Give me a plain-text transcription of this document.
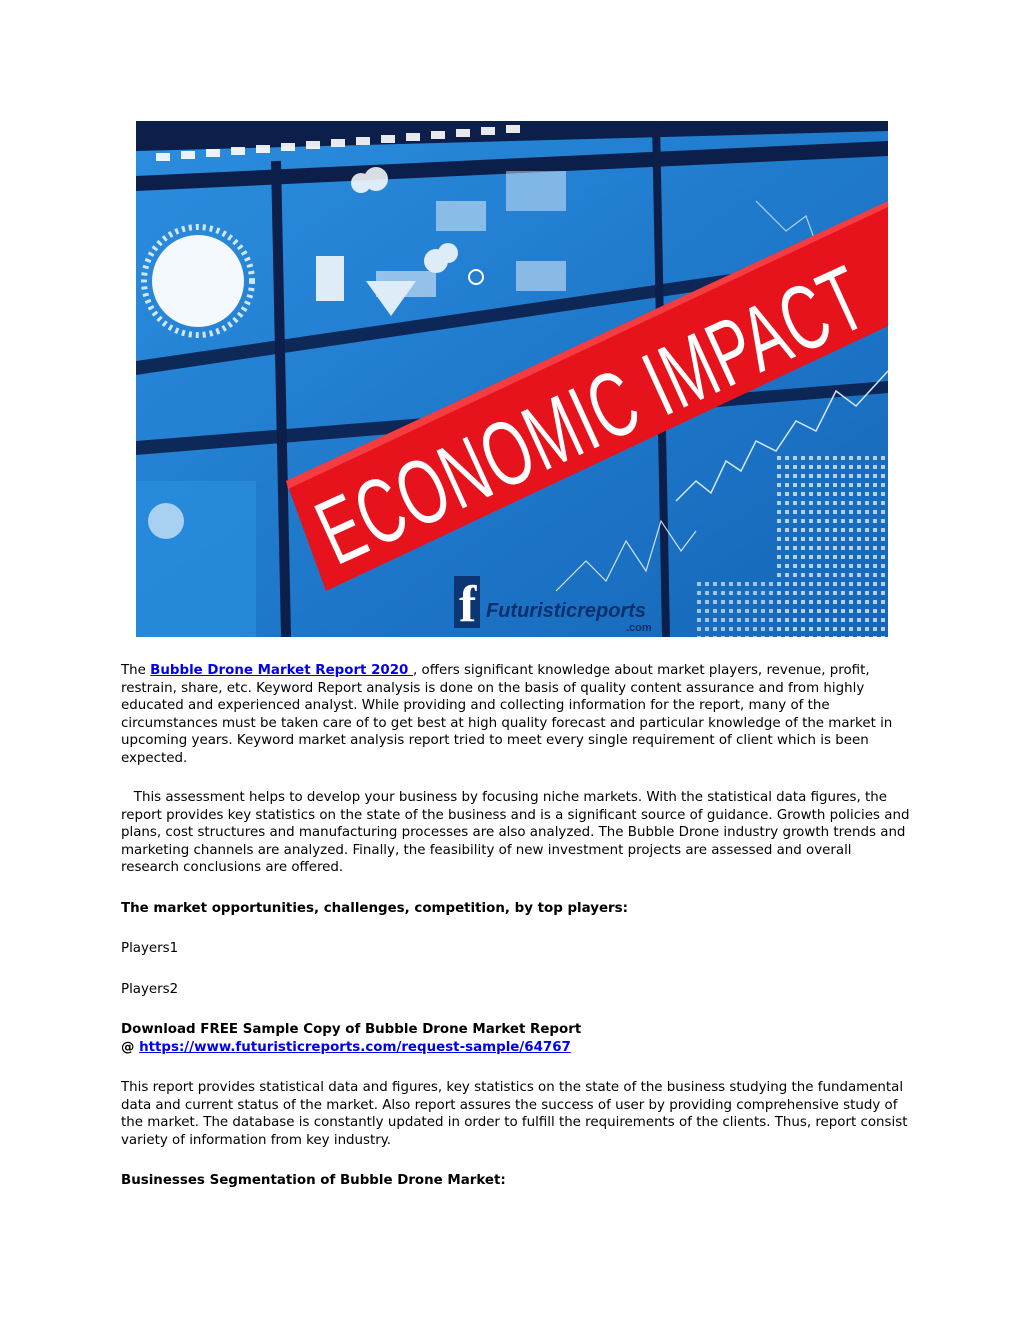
f Futuristicreports
.com

The Bubble Drone Market Report 2020 , offers significant knowledge about market players, revenue, profit, restrain, share, etc. Keyword Report analysis is done on the basis of quality content assurance and from highly educated and experienced analyst. While providing and collecting information for the report, many of the circumstances must be taken care of to get best at high quality forecast and particular knowledge of the market in upcoming years. Keyword market analysis report tried to meet every single requirement of client which is been expected.

This assessment helps to develop your business by focusing niche markets. With the statistical data figures, the report provides key statistics on the state of the business and is a significant source of guidance. Growth policies and plans, cost structures and manufacturing processes are also analyzed. The Bubble Drone industry growth trends and marketing channels are analyzed. Finally, the feasibility of new investment projects are assessed and overall research conclusions are offered.

The market opportunities, challenges, competition, by top players:
Players1
Players2
Download FREE Sample Copy of Bubble Drone Market Report
@ https://www.futuristicreports.com/request-sample/64767
This report provides statistical data and figures, key statistics on the state of the business studying the fundamental data and current status of the market. Also report assures the success of user by providing comprehensive study of the market. The database is constantly updated in order to fulfill the requirements of the clients. Thus, report consist variety of information from key industry.
Businesses Segmentation of Bubble Drone Market:
